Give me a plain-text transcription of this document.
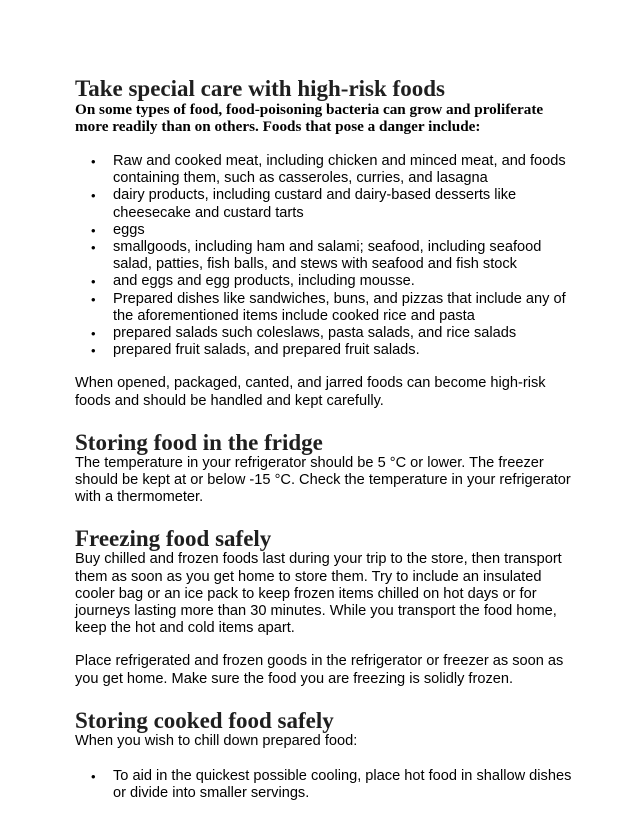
Take special care with high-risk foods

On some types of food, food-poisoning bacteria can grow and proliferate more readily than on others. Foods that pose a danger include:

• Raw and cooked meat, including chicken and minced meat, and foods containing them, such as casseroles, curries, and lasagna
• dairy products, including custard and dairy-based desserts like cheesecake and custard tarts
• eggs
• smallgoods, including ham and salami; seafood, including seafood salad, patties, fish balls, and stews with seafood and fish stock
• and eggs and egg products, including mousse.
• Prepared dishes like sandwiches, buns, and pizzas that include any of the aforementioned items include cooked rice and pasta
• prepared salads such coleslaws, pasta salads, and rice salads
• prepared fruit salads, and prepared fruit salads.

When opened, packaged, canted, and jarred foods can become high-risk foods and should be handled and kept carefully.

Storing food in the fridge

The temperature in your refrigerator should be 5 °C or lower. The freezer should be kept at or below -15 °C. Check the temperature in your refrigerator with a thermometer.

Freezing food safely

Buy chilled and frozen foods last during your trip to the store, then transport them as soon as you get home to store them. Try to include an insulated cooler bag or an ice pack to keep frozen items chilled on hot days or for journeys lasting more than 30 minutes. While you transport the food home, keep the hot and cold items apart.

Place refrigerated and frozen goods in the refrigerator or freezer as soon as you get home. Make sure the food you are freezing is solidly frozen.

Storing cooked food safely

When you wish to chill down prepared food:

• To aid in the quickest possible cooling, place hot food in shallow dishes or divide into smaller servings.
